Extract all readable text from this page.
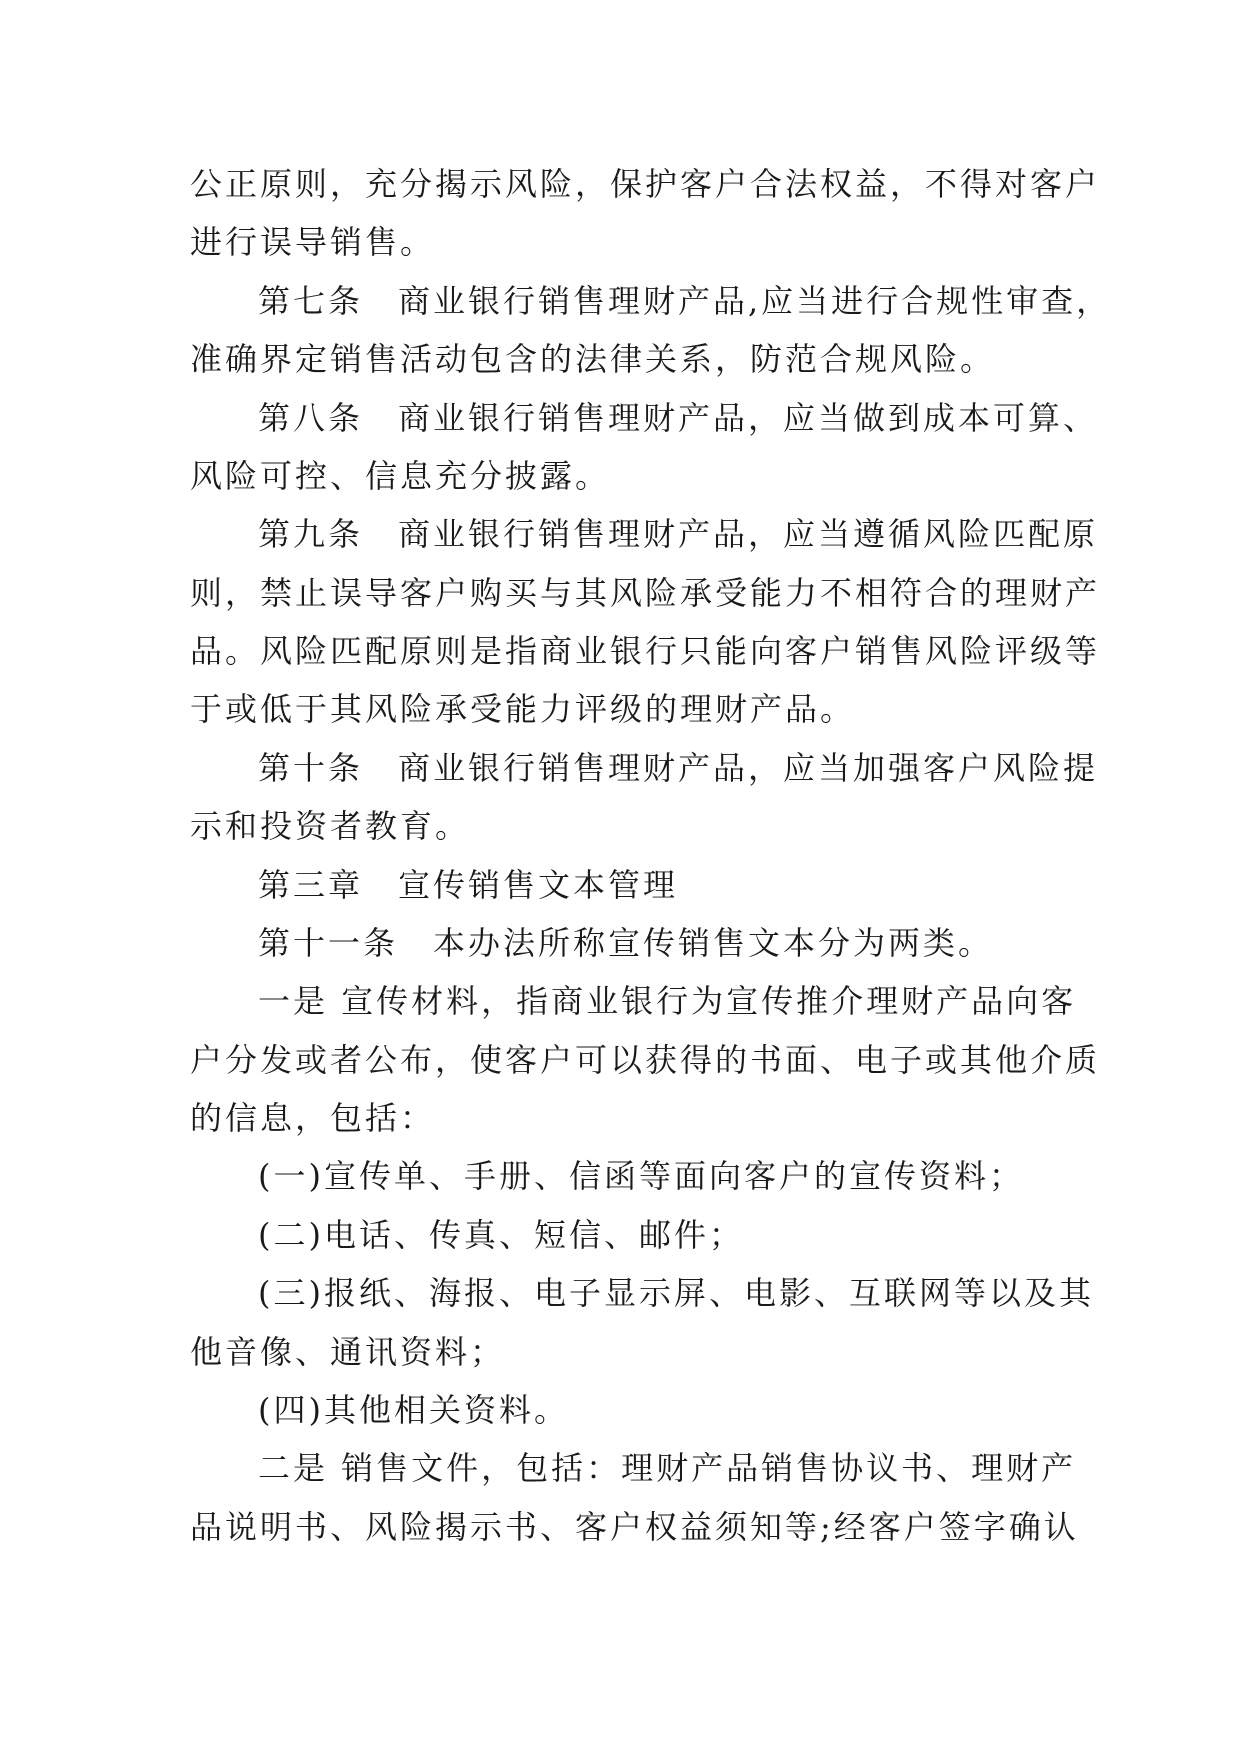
公正原则，充分揭示风险，保护客户合法权益，不得对客户

进行误导销售。

第七条　商业银行销售理财产品,应当进行合规性审查，

准确界定销售活动包含的法律关系，防范合规风险。

第八条　商业银行销售理财产品，应当做到成本可算、

风险可控、信息充分披露。

第九条　商业银行销售理财产品，应当遵循风险匹配原

则，禁止误导客户购买与其风险承受能力不相符合的理财产

品。风险匹配原则是指商业银行只能向客户销售风险评级等

于或低于其风险承受能力评级的理财产品。

第十条　商业银行销售理财产品，应当加强客户风险提

示和投资者教育。

第三章　宣传销售文本管理

第十一条　本办法所称宣传销售文本分为两类。

一是 宣传材料，指商业银行为宣传推介理财产品向客

户分发或者公布，使客户可以获得的书面、电子或其他介质

的信息，包括：

(一)宣传单、手册、信函等面向客户的宣传资料；

(二)电话、传真、短信、邮件；

(三)报纸、海报、电子显示屏、电影、互联网等以及其

他音像、通讯资料；

(四)其他相关资料。

二是 销售文件，包括：理财产品销售协议书、理财产

品说明书、风险揭示书、客户权益须知等;经客户签字确认
